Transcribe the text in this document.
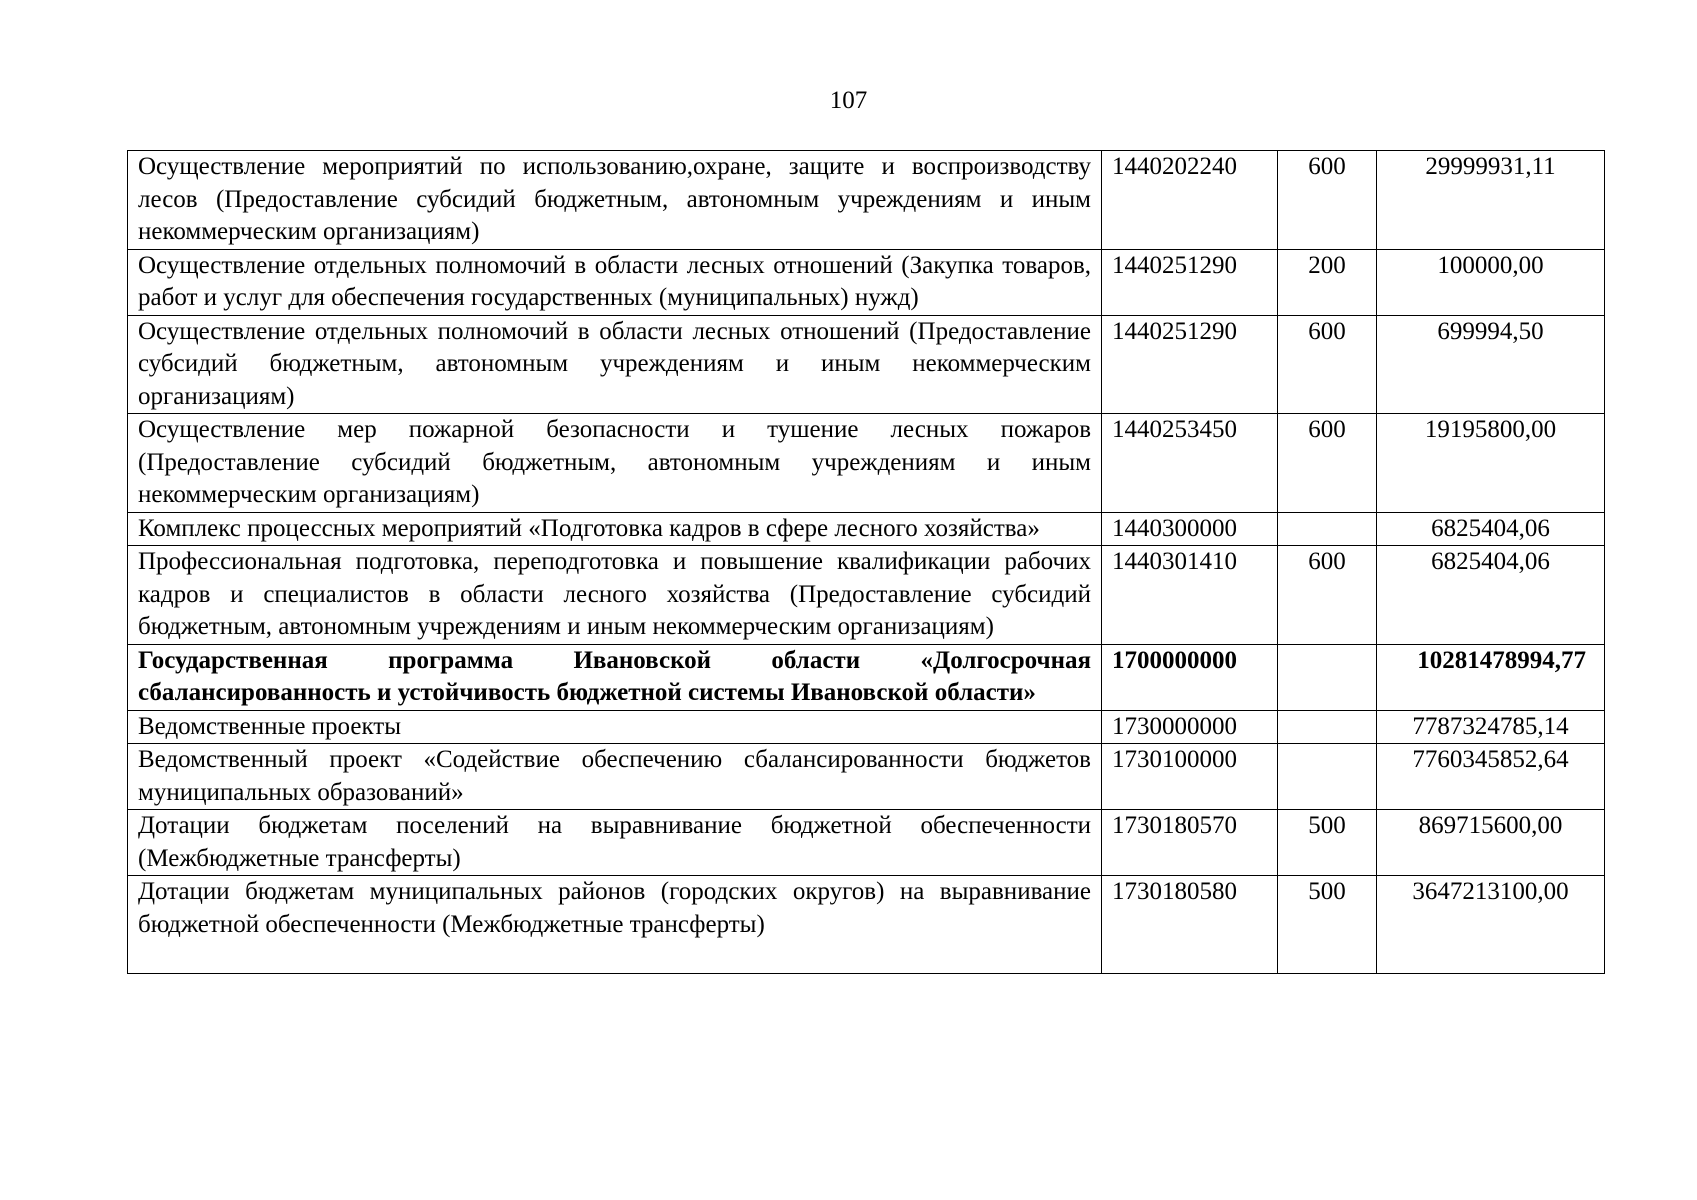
107
Осуществление мероприятий по использованию,охране, защите и воспроизводству лесов (Предоставление субсидий бюджетным, автономным учреждениям и иным некоммерческим организациям)	1440202240	600	29999931,11
Осуществление отдельных полномочий в области лесных отношений (Закупка товаров, работ и услуг для обеспечения государственных (муниципальных) нужд)	1440251290	200	100000,00
Осуществление отдельных полномочий в области лесных отношений (Предоставление субсидий бюджетным, автономным учреждениям и иным некоммерческим организациям)	1440251290	600	699994,50
Осуществление мер пожарной безопасности и тушение лесных пожаров (Предоставление субсидий бюджетным, автономным учреждениям и иным некоммерческим организациям)	1440253450	600	19195800,00
Комплекс процессных мероприятий «Подготовка кадров в сфере лесного хозяйства»	1440300000		6825404,06
Профессиональная подготовка, переподготовка и повышение квалификации рабочих кадров и специалистов в области лесного хозяйства (Предоставление субсидий бюджетным, автономным учреждениям и иным некоммерческим организациям)	1440301410	600	6825404,06
Государственная программа Ивановской области «Долгосрочная сбалансированность и устойчивость бюджетной системы Ивановской области»	1700000000		10281478994,77
Ведомственные проекты	1730000000		7787324785,14
Ведомственный проект «Содействие обеспечению сбалансированности бюджетов муниципальных образований»	1730100000		7760345852,64
Дотации бюджетам поселений на выравнивание бюджетной обеспеченности (Межбюджетные трансферты)	1730180570	500	869715600,00
Дотации бюджетам муниципальных районов (городских округов) на выравнивание бюджетной обеспеченности (Межбюджетные трансферты)	1730180580	500	3647213100,00
